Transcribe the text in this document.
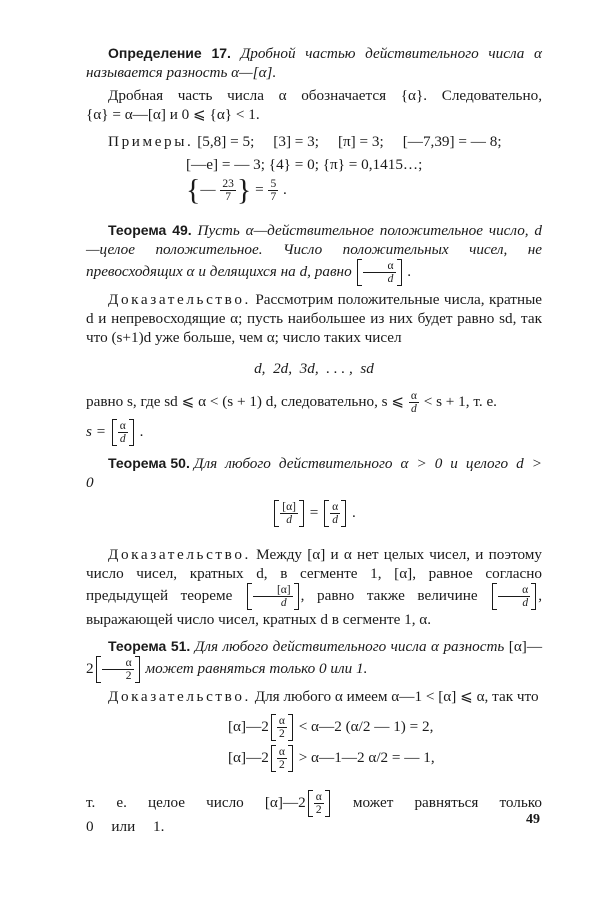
Определение 17. Дробной частью действительного числа α называется разность α—[α].

Дробная часть числа α обозначается {α}. Следовательно, {α} = α—[α] и 0 ⩽ {α} < 1.

Примеры. [5,8] = 5;     [3] = 3;     [π] = 3;     [—7,39] = — 8;

[—e] = — 3; {4} = 0; {π} = 0,1415…;

{— $\frac{23}{7}$ } = $\frac{5}{7}$ .

Теорема 49. Пусть α—действительное положительное число, d—целое положительное. Число положительных чисел, не превосходящих α и делящихся на d, равно $\frac{\alpha}{d}$ .

Доказательство. Рассмотрим положительные числа, кратные d и непревосходящие α; пусть наибольшее из них будет равно sd, так что (s+1)d уже больше, чем α; число таких чисел

d,  2d,  3d,  . . . ,  sd

равно s, где sd ⩽ α < (s + 1) d, следовательно, s ⩽ $\frac{\alpha}{d} < s + 1$, т. е.

$s = \frac{\alpha}{d}$ .

Теорема 50. Для любого действительного α > 0 и целого d > 0

$\frac{[\alpha]}{d} = \frac{\alpha}{d}$ .

Доказательство. Между [α] и α нет целых чисел, и поэтому число чисел, кратных d, в сегменте 1, [α], равное согласно предыдущей теореме $\frac{[\alpha]}{d}$ , равно также величине $\frac{\alpha}{d}$ , выражающей число чисел, кратных d в сегменте 1, α.

Теорема 51. Для любого действительного числа α разность [α]—2 $\frac{\alpha}{2}$ может равняться только 0 или 1.

Доказательство. Для любого α имеем α—1 < [α] ⩽ α, так что

[α]—2 $\frac{\alpha}{2}$ < α—2 (α/2 — 1) = 2,
[α]—2 $\frac{\alpha}{2}$ > α—1—2 α/2 = — 1,

т. е. целое число [α]—2 $\frac{\alpha}{2}$ может равняться только 0 или 1.	49
